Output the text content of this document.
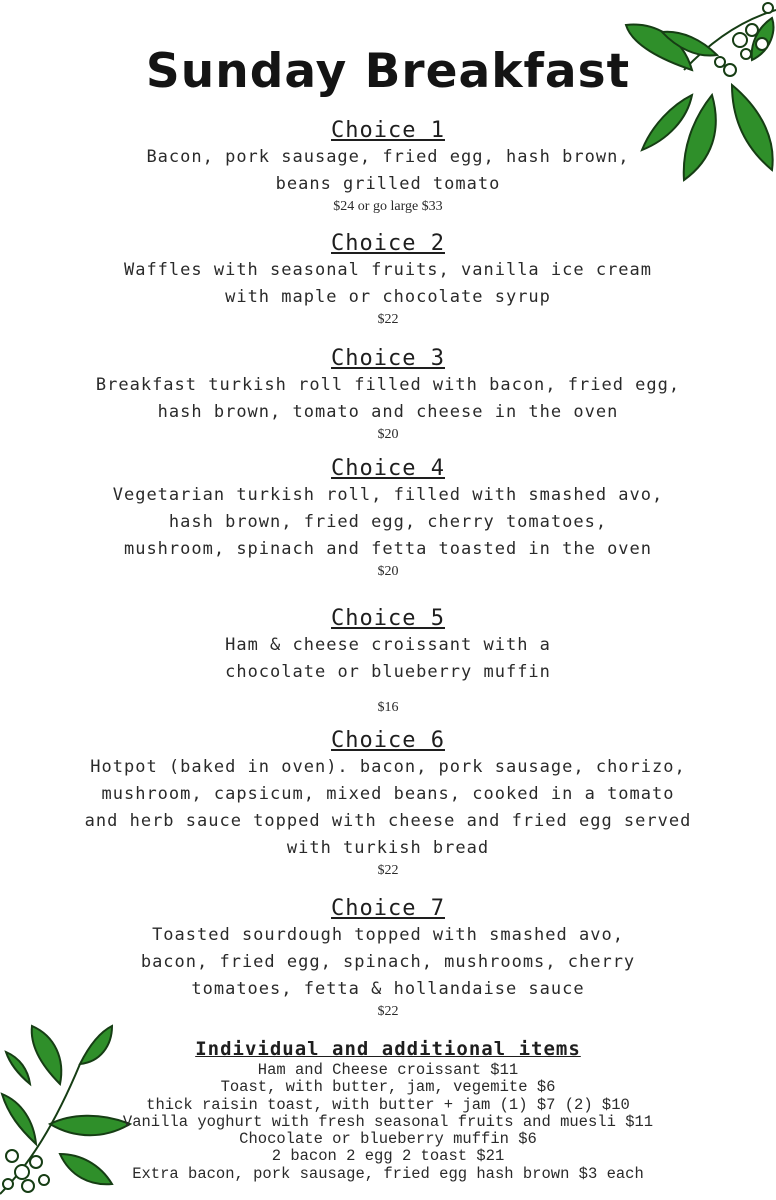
Sunday Breakfast
Choice 1
Bacon, pork sausage, fried egg, hash brown,
beans grilled tomato
$24 or go large $33
Choice 2
Waffles with seasonal fruits, vanilla ice cream
with maple or chocolate syrup
$22
Choice 3
Breakfast turkish roll filled with bacon, fried egg,
hash brown, tomato and cheese in the oven
$20
Choice 4
Vegetarian turkish roll, filled with smashed avo,
hash brown, fried egg, cherry tomatoes,
mushroom, spinach and fetta toasted in the oven
$20
Choice 5
Ham & cheese croissant with a
chocolate or blueberry muffin
$16
Choice 6
Hotpot (baked in oven). bacon, pork sausage, chorizo,
mushroom, capsicum, mixed beans, cooked in a tomato
and herb sauce topped with cheese and fried egg served
with turkish bread
$22
Choice 7
Toasted sourdough topped with smashed avo,
bacon, fried egg, spinach, mushrooms, cherry
tomatoes, fetta & hollandaise sauce
$22
Individual and additional items
Ham and Cheese croissant $11
Toast, with butter, jam, vegemite $6
thick raisin toast, with butter + jam (1) $7 (2) $10
Vanilla yoghurt with fresh seasonal fruits and muesli $11
Chocolate or blueberry muffin $6
2 bacon 2 egg 2 toast $21
Extra bacon, pork sausage, fried egg hash brown $3 each
